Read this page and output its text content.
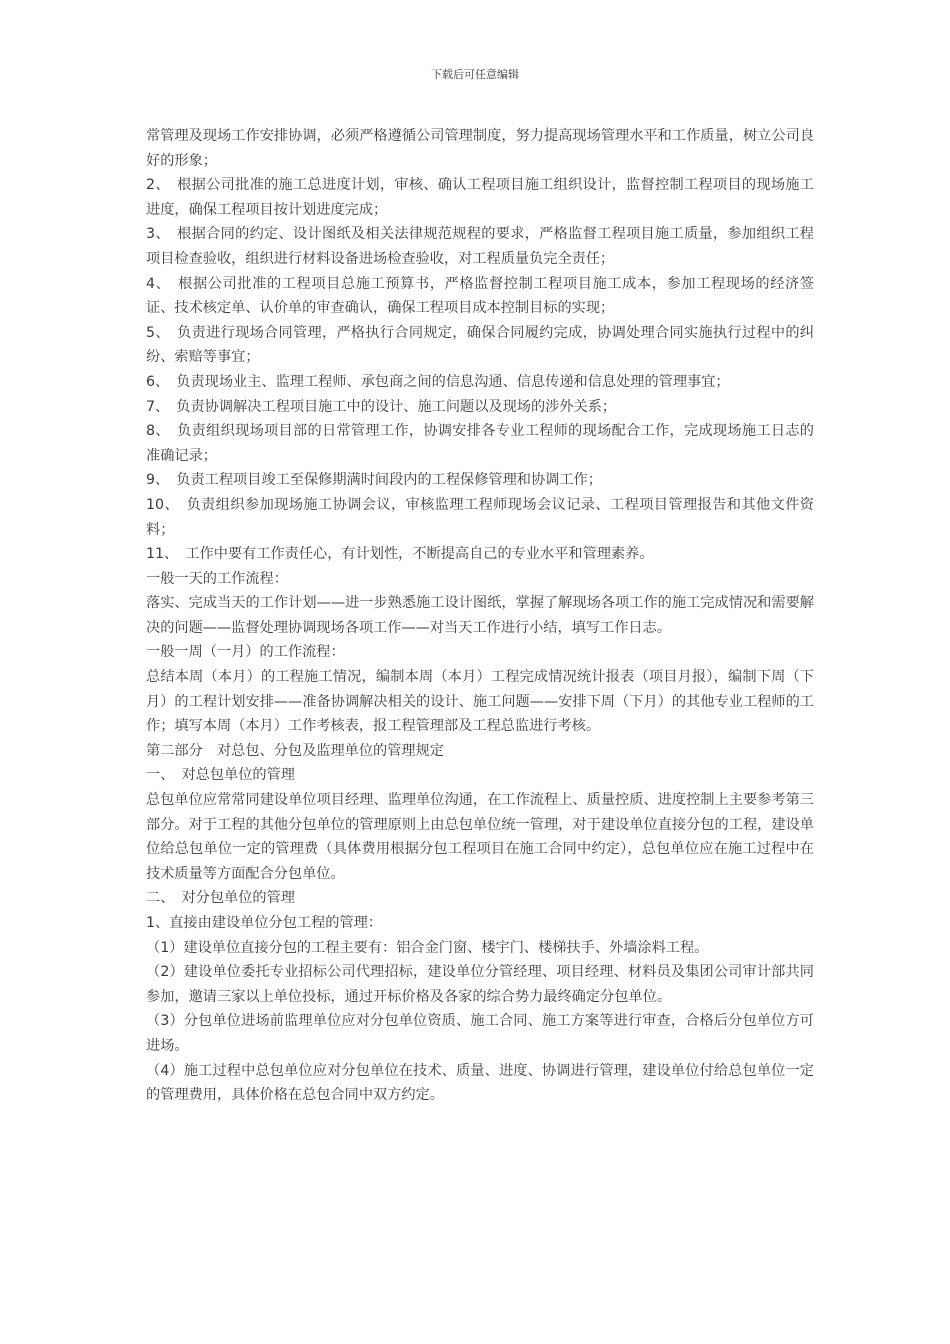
下载后可任意编辑

常管理及现场工作安排协调，必须严格遵循公司管理制度，努力提高现场管理水平和工作质量，树立公司良好的形象；

2、　根据公司批准的施工总进度计划，审核、确认工程项目施工组织设计，监督控制工程项目的现场施工进度，确保工程项目按计划进度完成；

3、　根据合同的约定、设计图纸及相关法律规范规程的要求，严格监督工程项目施工质量，参加组织工程项目检查验收，组织进行材料设备进场检查验收，对工程质量负完全责任；

4、　根据公司批准的工程项目总施工预算书，严格监督控制工程项目施工成本，参加工程现场的经济签证、技术核定单、认价单的审查确认，确保工程项目成本控制目标的实现；

5、　负责进行现场合同管理，严格执行合同规定，确保合同履约完成，协调处理合同实施执行过程中的纠纷、索赔等事宜；

6、　负责现场业主、监理工程师、承包商之间的信息沟通、信息传递和信息处理的管理事宜；

7、　负责协调解决工程项目施工中的设计、施工问题以及现场的涉外关系；

8、　负责组织现场项目部的日常管理工作，协调安排各专业工程师的现场配合工作，完成现场施工日志的准确记录；

9、　负责工程项目竣工至保修期满时间段内的工程保修管理和协调工作；

10、　负责组织参加现场施工协调会议，审核监理工程师现场会议记录、工程项目管理报告和其他文件资料；

11、　工作中要有工作责任心，有计划性，不断提高自己的专业水平和管理素养。

一般一天的工作流程：

落实、完成当天的工作计划——进一步熟悉施工设计图纸，掌握了解现场各项工作的施工完成情况和需要解决的问题——监督处理协调现场各项工作——对当天工作进行小结，填写工作日志。

一般一周（一月）的工作流程：

总结本周（本月）的工程施工情况，编制本周（本月）工程完成情况统计报表（项目月报），编制下周（下月）的工程计划安排——准备协调解决相关的设计、施工问题——安排下周（下月）的其他专业工程师的工作；填写本周（本月）工作考核表，报工程管理部及工程总监进行考核。

第二部分　对总包、分包及监理单位的管理规定

一、　对总包单位的管理

总包单位应常常同建设单位项目经理、监理单位沟通，在工作流程上、质量控质、进度控制上主要参考第三部分。对于工程的其他分包单位的管理原则上由总包单位统一管理，对于建设单位直接分包的工程，建设单位给总包单位一定的管理费（具体费用根据分包工程项目在施工合同中约定），总包单位应在施工过程中在技术质量等方面配合分包单位。

二、　对分包单位的管理

1、直接由建设单位分包工程的管理：

（1）建设单位直接分包的工程主要有：铝合金门窗、楼宇门、楼梯扶手、外墙涂料工程。

（2）建设单位委托专业招标公司代理招标，建设单位分管经理、项目经理、材料员及集团公司审计部共同参加，邀请三家以上单位投标，通过开标价格及各家的综合势力最终确定分包单位。

（3）分包单位进场前监理单位应对分包单位资质、施工合同、施工方案等进行审查，合格后分包单位方可进场。

（4）施工过程中总包单位应对分包单位在技术、质量、进度、协调进行管理，建设单位付给总包单位一定的管理费用，具体价格在总包合同中双方约定。
